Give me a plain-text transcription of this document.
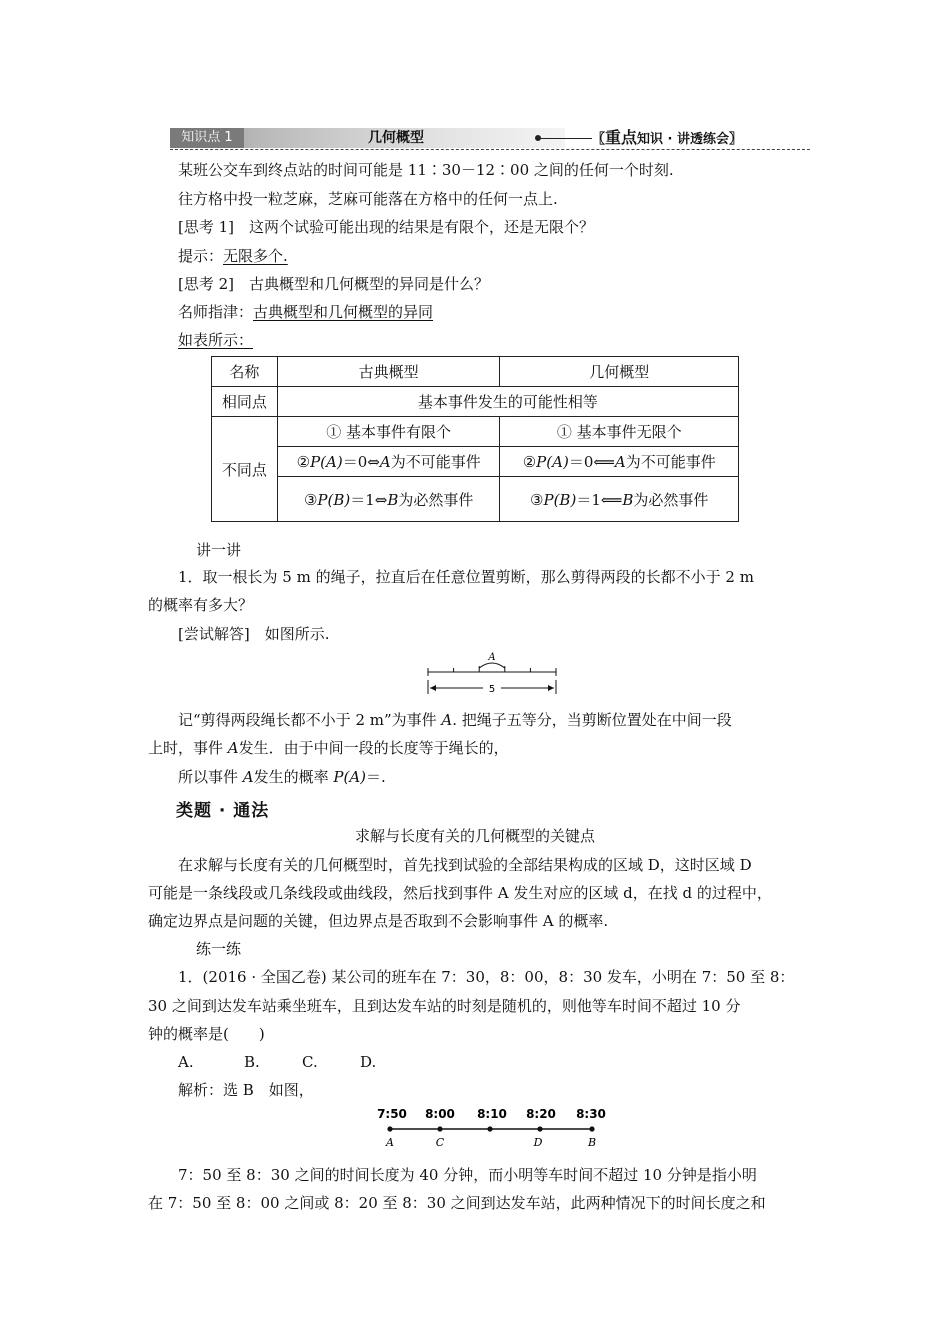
知识点 1	几何概型	〖重点知识 · 讲透练会〗
某班公交车到终点站的时间可能是 11∶30－12∶00 之间的任何一个时刻.
往方格中投一粒芝麻，芝麻可能落在方格中的任何一点上.
[思考 1]　这两个试验可能出现的结果是有限个，还是无限个？
提示：无限多个.
[思考 2]　古典概型和几何概型的异同是什么？
名师指津：古典概型和几何概型的异同
如表所示：
名称	古典概型	几何概型
相同点	基本事件发生的可能性相等	
不同点	① 基本事件有限个	① 基本事件无限个
	②P(A)＝0⇔A为不可能事件	②P(A)＝0⟸A为不可能事件
	③P(B)＝1⇔B为必然事件	③P(B)＝1⟸B为必然事件
讲一讲
1．取一根长为 5 m 的绳子，拉直后在任意位置剪断，那么剪得两段的长都不小于 2 m
的概率有多大？
[尝试解答]　如图所示.
A
5
记“剪得两段绳长都不小于 2 m”为事件 A. 把绳子五等分，当剪断位置处在中间一段
上时，事件 A发生．由于中间一段的长度等于绳长的，
所以事件 A发生的概率 P(A)＝.
类题 · 通法
求解与长度有关的几何概型的关键点
在求解与长度有关的几何概型时，首先找到试验的全部结果构成的区域 D，这时区域 D
可能是一条线段或几条线段或曲线段，然后找到事件 A 发生对应的区域 d，在找 d 的过程中，
确定边界点是问题的关键，但边界点是否取到不会影响事件 A 的概率.
练一练
1．(2016 · 全国乙卷) 某公司的班车在 7：30，8：00，8：30 发车，小明在 7：50 至 8：
30 之间到达发车站乘坐班车，且到达发车站的时刻是随机的，则他等车时间不超过 10 分
钟的概率是(　　)
A.	B.	C.	D.
解析：选 B　如图，
7:50 8:00 8:10 8:20 8:30
A	C	D	B
7：50 至 8：30 之间的时间长度为 40 分钟，而小明等车时间不超过 10 分钟是指小明
在 7：50 至 8：00 之间或 8：20 至 8：30 之间到达发车站，此两种情况下的时间长度之和
